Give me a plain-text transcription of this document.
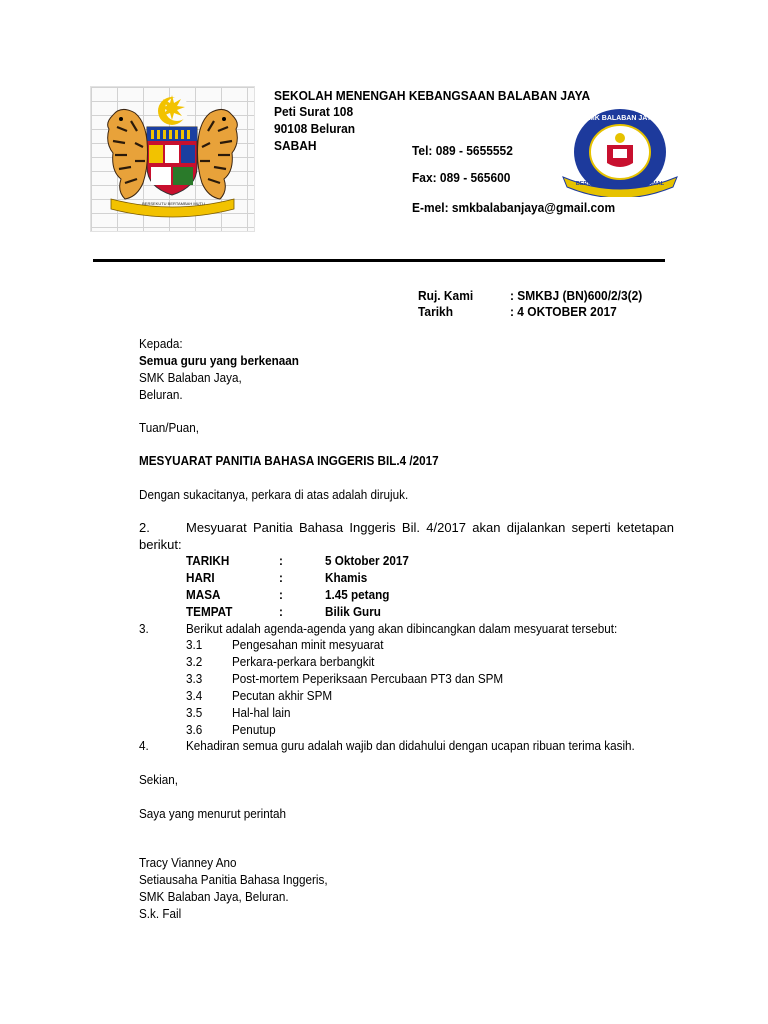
BERSEKUTU BERTAMBAH MUTU
SEKOLAH MENENGAH KEBANGSAAN BALABAN JAYA
Peti Surat 108
90108 Beluran
SABAH	Tel: 089 - 5655552
Fax: 089 - 565600
E-mel: smkbalabanjaya@gmail.com
SMK BALABAN JAYA
BELURAN
BERILMU • BERIMAN • BERAMAL
Ruj. Kami	: SMKBJ (BN)600/2/3(2)
Tarikh	: 4 OKTOBER 2017
Kepada:
Semua guru yang berkenaan
SMK Balaban Jaya,
Beluran.
Tuan/Puan,
MESYUARAT PANITIA BAHASA INGGERIS BIL.4 /2017
Dengan sukacitanya, perkara di atas adalah dirujuk.
2.	Mesyuarat Panitia Bahasa Inggeris Bil. 4/2017 akan dijalankan seperti ketetapan berikut:
TARIKH	:	5 Oktober 2017
HARI	:	Khamis
MASA	:	1.45 petang
TEMPAT	:	Bilik Guru
3.	Berikut adalah agenda-agenda yang akan dibincangkan dalam mesyuarat tersebut:
3.1 Pengesahan minit mesyuarat
3.2 Perkara-perkara berbangkit
3.3 Post-mortem Peperiksaan Percubaan PT3 dan SPM
3.4 Pecutan akhir SPM
3.5 Hal-hal lain
3.6 Penutup
4.	Kehadiran semua guru adalah wajib dan didahului dengan ucapan ribuan terima kasih.
Sekian,
Saya yang menurut perintah
Tracy Vianney Ano
Setiausaha Panitia Bahasa Inggeris,
SMK Balaban Jaya, Beluran.
S.k. Fail
